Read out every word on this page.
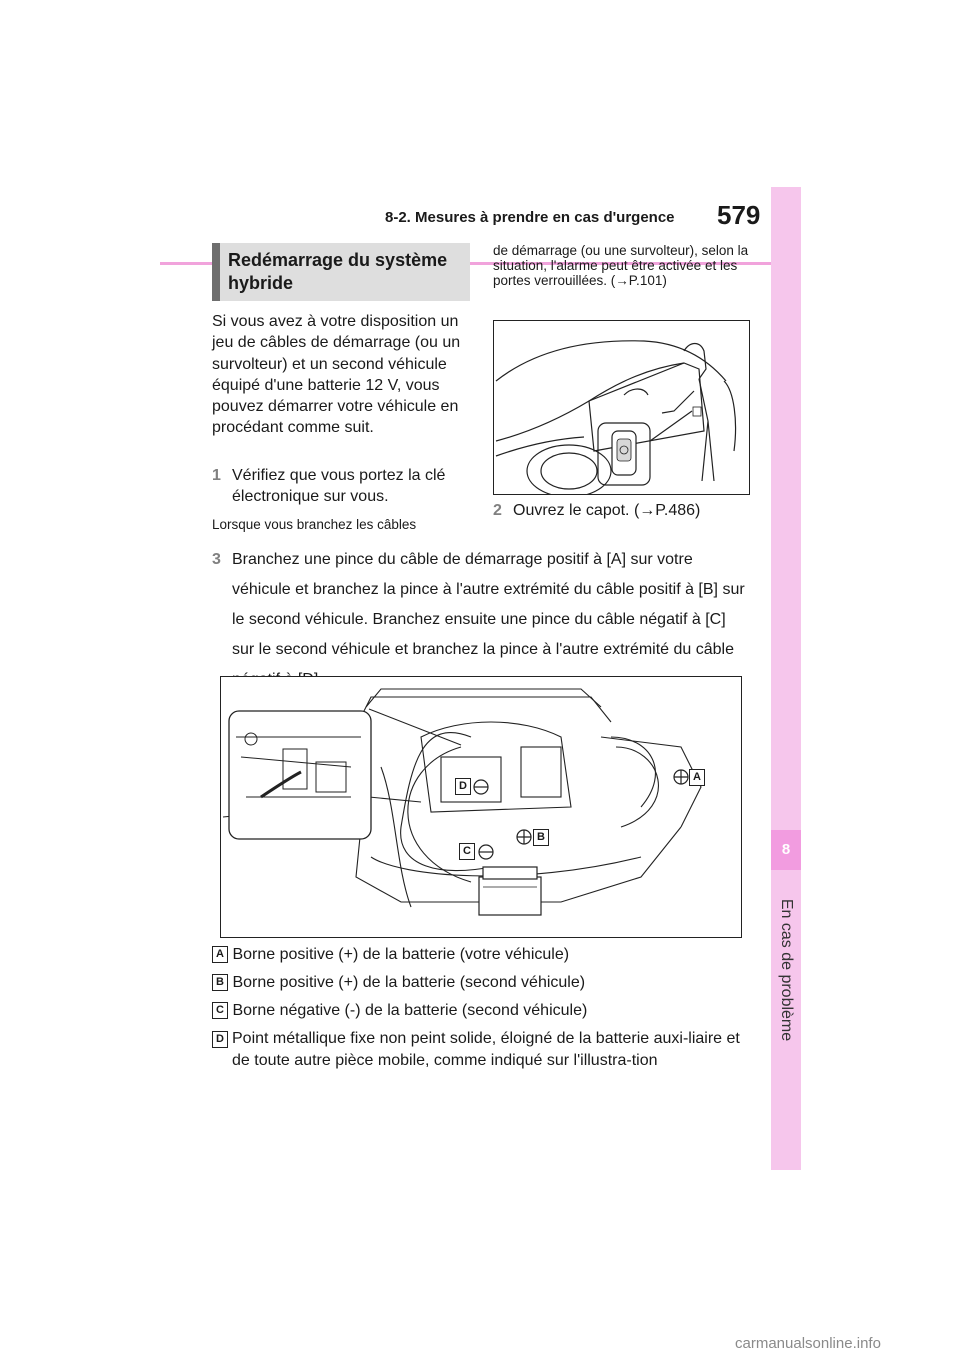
8-2. Mesures à prendre en cas d'urgence 579
8
En cas de problème
Redémarrage du système hybride
Si vous avez à votre disposition un jeu de câbles de démarrage (ou un survolteur) et un second véhicule équipé d'une batterie 12 V, vous pouvez démarrer votre véhicule en procédant comme suit.
1 Vérifiez que vous portez la clé électronique sur vous.
Lorsque vous branchez les câbles
de démarrage (ou une survolteur), selon la situation, l'alarme peut être activée et les portes verrouillées. (→P.101)
2 Ouvrez le capot. (→P.486)
3 Branchez une pince du câble de démarrage positif à [A] sur votre véhicule et branchez la pince à l'autre extrémité du câble positif à [B] sur le second véhicule. Branchez ensuite une pince du câble négatif à [C] sur le second véhicule et branchez la pince à l'autre extrémité du câble
A
B
C
D
A Borne positive (+) de la batterie (votre véhicule)
B Borne positive (+) de la batterie (second véhicule)
C Borne négative (-) de la batterie (second véhicule)
D Point métallique fixe non peint solide, éloigné de la batterie auxi-liaire et de toute autre pièce mobile, comme indiqué sur l'illustra-tion
carmanualsonline.info
